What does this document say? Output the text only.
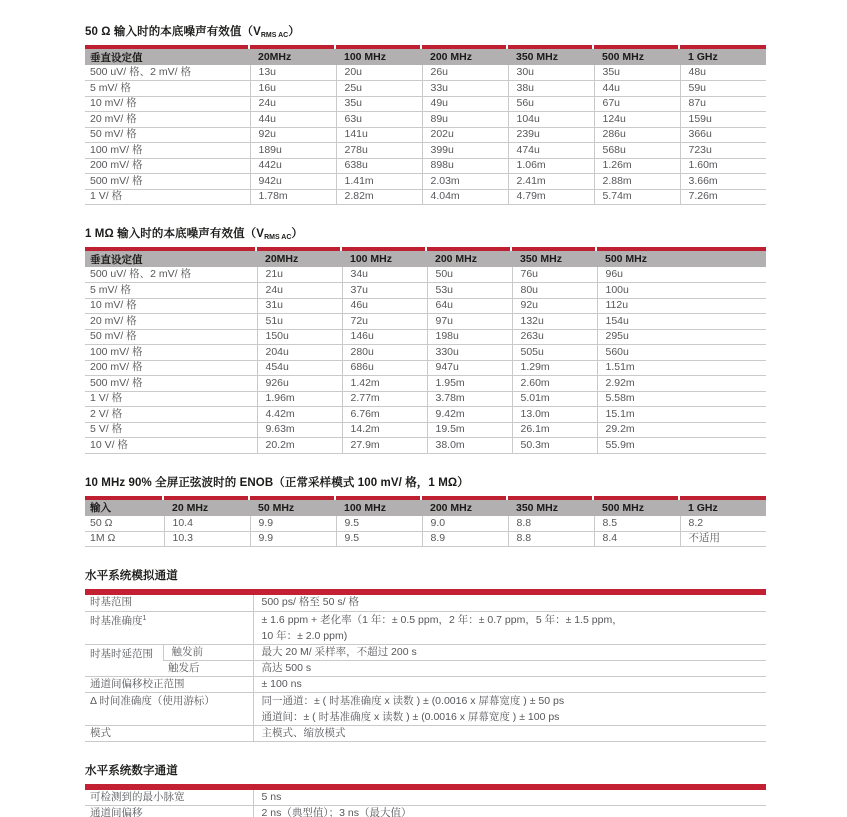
50 Ω 输入时的本底噪声有效值$(V_{RMS AC})$
垂直设定值	20MHz	100 MHz	200 MHz	350 MHz	500 MHz	1 GHz
500 uV/ 格、2 mV/ 格	13u	20u	26u	30u	35u	48u
5 mV/ 格	16u	25u	33u	38u	44u	59u
10 mV/ 格	24u	35u	49u	56u	67u	87u
20 mV/ 格	44u	63u	89u	104u	124u	159u
50 mV/ 格	92u	141u	202u	239u	286u	366u
100 mV/ 格	189u	278u	399u	474u	568u	723u
200 mV/ 格	442u	638u	898u	1.06m	1.26m	1.60m
500 mV/ 格	942u	1.41m	2.03m	2.41m	2.88m	3.66m
1 V/ 格	1.78m	2.82m	4.04m	4.79m	5.74m	7.26m
1 MΩ 输入时的本底噪声有效值$(V_{RMS AC})$
垂直设定值	20MHz	100 MHz	200 MHz	350 MHz	500 MHz
500 uV/ 格、2 mV/ 格	21u	34u	50u	76u	96u
5 mV/ 格	24u	37u	53u	80u	100u
10 mV/ 格	31u	46u	64u	92u	112u
20 mV/ 格	51u	72u	97u	132u	154u
50 mV/ 格	150u	146u	198u	263u	295u
100 mV/ 格	204u	280u	330u	505u	560u
200 mV/ 格	454u	686u	947u	1.29m	1.51m
500 mV/ 格	926u	1.42m	1.95m	2.60m	2.92m
1 V/ 格	1.96m	2.77m	3.78m	5.01m	5.58m
2 V/ 格	4.42m	6.76m	9.42m	13.0m	15.1m
5 V/ 格	9.63m	14.2m	19.5m	26.1m	29.2m
10 V/ 格	20.2m	27.9m	38.0m	50.3m	55.9m
10 MHz 90% 全屏正弦波时的 ENOB（正常采样模式 100 mV/ 格，1 MΩ）
输入	20 MHz	50 MHz	100 MHz	200 MHz	350 MHz	500 MHz	1 GHz
50 Ω	10.4	9.9	9.5	9.0	8.8	8.5	8.2
1M Ω	10.3	9.9	9.5	8.9	8.8	8.4	不适用
水平系统模拟通道
时基范围		500 ps/ 格至 50 s/ 格
时基准确度$^1$		± 1.6 ppm + 老化率（1 年：± 0.5 ppm，2 年：± 0.7 ppm，5 年：± 1.5 ppm，
10 年：± 2.0 ppm)

时基时延范围	触发前	最大 20 M/ 采样率，不超过 200 s
	触发后	高达 500 s
通道间偏移校正范围		± 100 ns
Δ 时间准确度（使用游标）		同一通道：± ( 时基准确度 x 读数 ) ± (0.0016 x 屏幕宽度 ) ± 50 ps
通道间：± ( 时基准确度 x 读数 ) ± (0.0016 x 屏幕宽度 ) ± 100 ps

模式		主模式、缩放模式
水平系统数字通道
可检测到的最小脉宽	5 ns
通道间偏移	2 ns（典型值）；3 ns（最大值）
